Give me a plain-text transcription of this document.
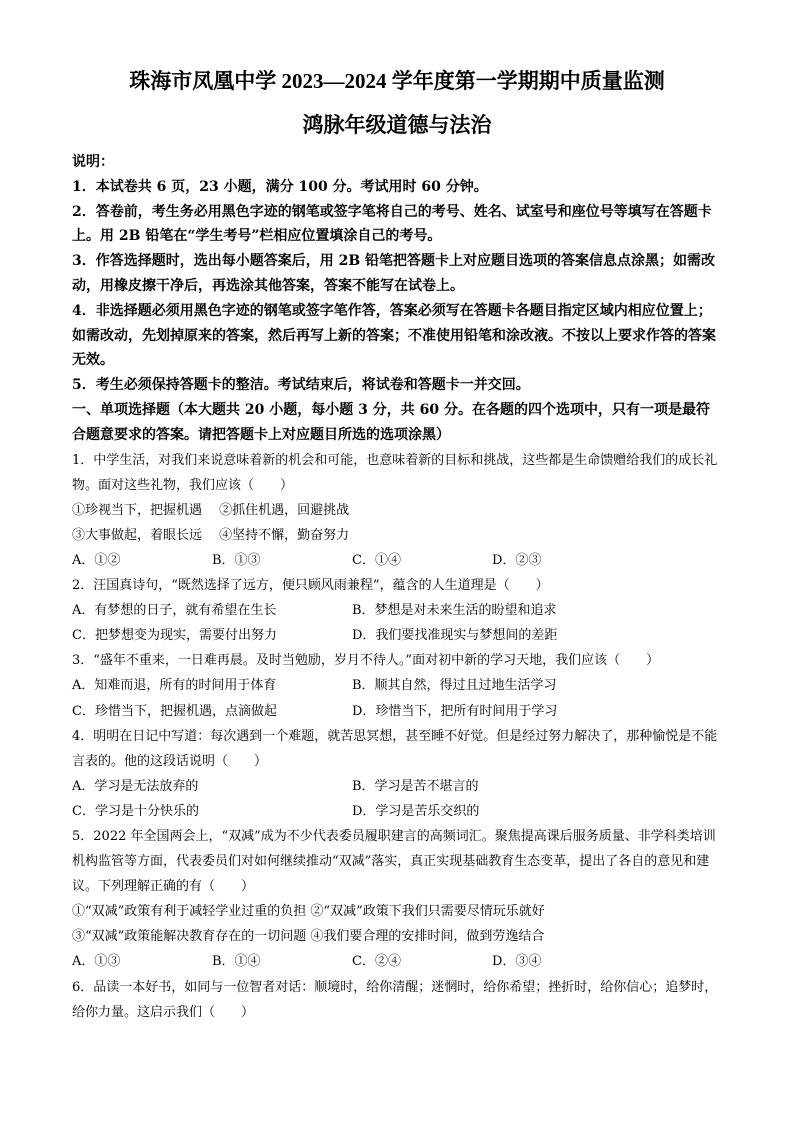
珠海市凤凰中学 2023—2024 学年度第一学期期中质量监测
鸿脉年级道德与法治

说明：

1．本试卷共 6 页，23 小题，满分 100 分。考试用时 60 分钟。

2．答卷前，考生务必用黑色字迹的钢笔或签字笔将自己的考号、姓名、试室号和座位号等填写在答题卡上。用 2B 铅笔在“学生考号”栏相应位置填涂自己的考号。

3．作答选择题时，选出每小题答案后，用 2B 铅笔把答题卡上对应题目选项的答案信息点涂黑；如需改动，用橡皮擦干净后，再选涂其他答案，答案不能写在试卷上。

4．非选择题必须用黑色字迹的钢笔或签字笔作答，答案必须写在答题卡各题目指定区域内相应位置上；如需改动，先划掉原来的答案，然后再写上新的答案；不准使用铅笔和涂改液。不按以上要求作答的答案无效。

5．考生必须保持答题卡的整洁。考试结束后，将试卷和答题卡一并交回。

一、单项选择题（本大题共 20 小题，每小题 3 分，共 60 分。在各题的四个选项中，只有一项是最符合题意要求的答案。请把答题卡上对应题目所选的选项涂黑）

1．中学生活，对我们来说意味着新的机会和可能，也意味着新的目标和挑战，这些都是生命馈赠给我们的成长礼物。面对这些礼物，我们应该（　　）

①珍视当下，把握机遇　 ②抓住机遇，回避挑战

③大事做起，着眼长远　 ④坚持不懈，勤奋努力

A．①②	B．①③	C．①④	D．②③

2．汪国真诗句，“既然选择了远方，便只顾风雨兼程”，蕴含的人生道理是（　　）

A．有梦想的日子，就有希望在生长	B．梦想是对未来生活的盼望和追求
C．把梦想变为现实，需要付出努力	D．我们要找准现实与梦想间的差距

3．“盛年不重来，一日难再晨。及时当勉励，岁月不待人。”面对初中新的学习天地，我们应该（　　）

A．知难而退，所有的时间用于体育	B．顺其自然，得过且过地生活学习
C．珍惜当下，把握机遇，点滴做起	D．珍惜当下，把所有时间用于学习

4．明明在日记中写道：每次遇到一个难题，就苦思冥想，甚至睡不好觉。但是经过努力解决了，那种愉悦是不能言表的。他的这段话说明（　　）

A．学习是无法放弃的	B．学习是苦不堪言的
C．学习是十分快乐的	D．学习是苦乐交织的

5．2022 年全国两会上，“双减”成为不少代表委员履职建言的高频词汇。聚焦提高课后服务质量、非学科类培训机构监管等方面，代表委员们对如何继续推动“双减”落实，真正实现基础教育生态变革，提出了各自的意见和建议。下列理解正确的有（　　）

①“双减”政策有利于减轻学业过重的负担 ②“双减”政策下我们只需要尽情玩乐就好

③“双减”政策能解决教育存在的一切问题 ④我们要合理的安排时间，做到劳逸结合

A．①③	B．①④	C．②④	D．③④

6．品读一本好书，如同与一位智者对话：顺境时，给你清醒；迷惘时，给你希望；挫折时，给你信心；追梦时，给你力量。这启示我们（　　）
